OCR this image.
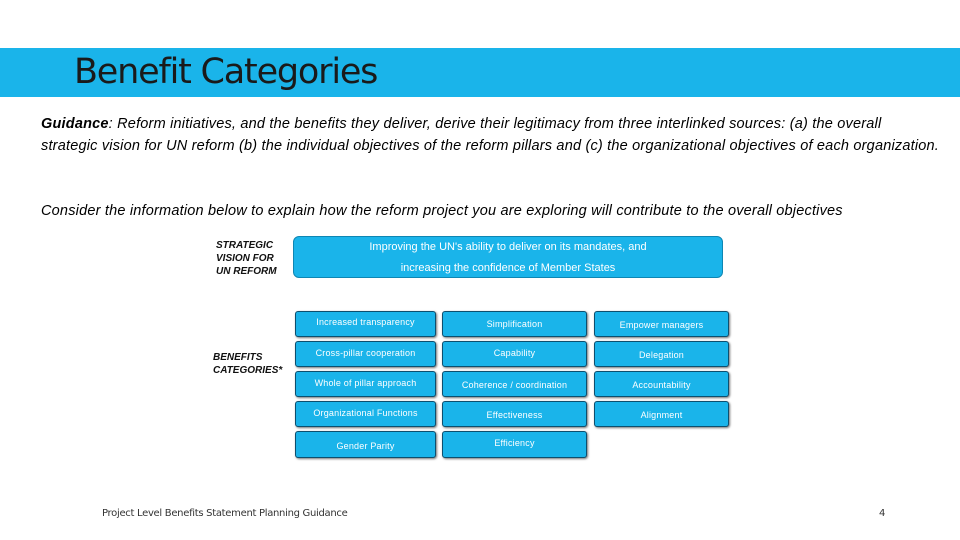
Benefit Categories

Guidance: Reform initiatives, and the benefits they deliver, derive their legitimacy from three interlinked sources: (a) the overall strategic vision for UN reform (b) the individual objectives of the reform pillars and (c) the organizational objectives of each organization.

Consider the information below to explain how the reform project you are exploring will contribute to the overall objectives

STRATEGIC
VISION FOR
UN REFORM
Improving the UN's ability to deliver on its mandates, and
increasing the confidence of Member States
BENEFITS
CATEGORIES*
Increased transparency
Cross-pillar cooperation
Whole of pillar approach
Organizational Functions
Gender Parity
Simplification
Capability
Coherence / coordination
Effectiveness
Efficiency
Empower managers
Delegation
Accountability
Alignment
Project Level Benefits Statement Planning Guidance	4
